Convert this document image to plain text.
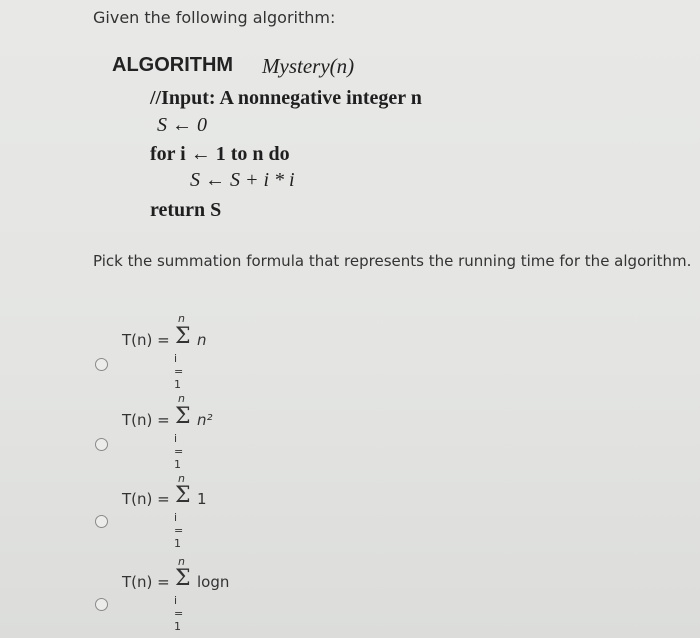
Given the following algorithm:
ALGORITHM Mystery(n)
//Input: A nonnegative integer n
S ← 0
for i ← 1 to n do
S ← S + i * i
return S
Pick the summation formula that represents the running time for the algorithm.
T(n) =
n
Σ
i = 1
n
T(n) =
n
Σ
i = 1
n²
T(n) =
n
Σ
i = 1
1
T(n) =
n
Σ
i = 1
logn
